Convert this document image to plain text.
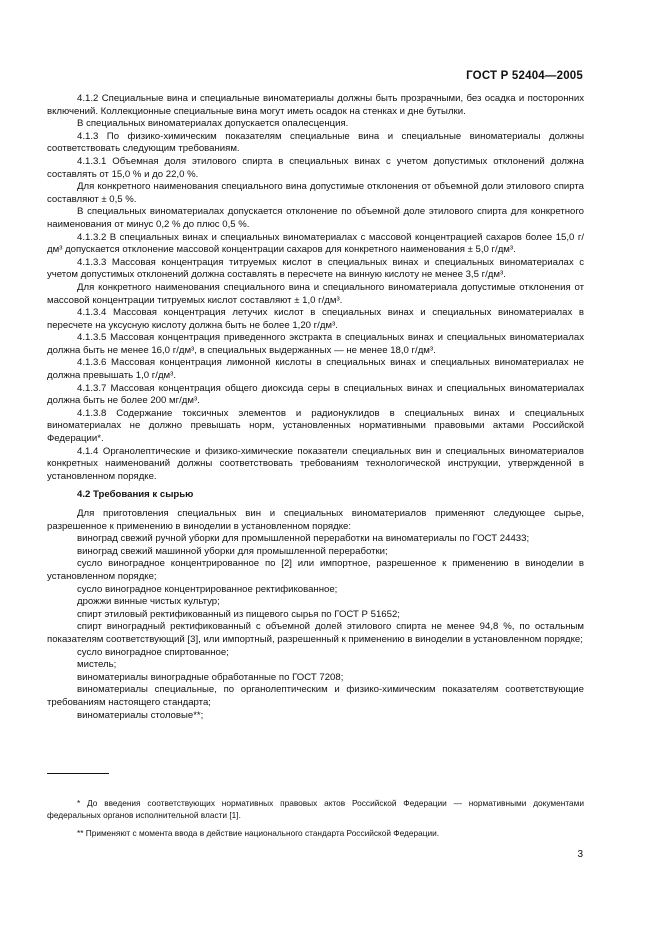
ГОСТ Р 52404—2005

4.1.2 Специальные вина и специальные виноматериалы должны быть прозрачными, без осадка и посторонних включений. Коллекционные специальные вина могут иметь осадок на стенках и дне бутылки.

В специальных виноматериалах допускается опалесценция.

4.1.3 По физико-химическим показателям специальные вина и специальные виноматериалы должны соответствовать следующим требованиям.

4.1.3.1 Объемная доля этилового спирта в специальных винах с учетом допустимых отклонений должна составлять от 15,0 % и до 22,0 %.

Для конкретного наименования специального вина допустимые отклонения от объемной доли этилового спирта составляют ± 0,5 %.

В специальных виноматериалах допускается отклонение по объемной доле этилового спирта для конкретного наименования от минус 0,2 % до плюс 0,5 %.

4.1.3.2 В специальных винах и специальных виноматериалах с массовой концентрацией сахаров более 15,0 г/дм³ допускается отклонение массовой концентрации сахаров для конкретного наименования ± 5,0 г/дм³.

4.1.3.3 Массовая концентрация титруемых кислот в специальных винах и специальных виноматериалах с учетом допустимых отклонений должна составлять в пересчете на винную кислоту не менее 3,5 г/дм³.

Для конкретного наименования специального вина и специального виноматериала допустимые отклонения от массовой концентрации титруемых кислот составляют ± 1,0 г/дм³.

4.1.3.4 Массовая концентрация летучих кислот в специальных винах и специальных виноматериалах в пересчете на уксусную кислоту должна быть не более 1,20 г/дм³.

4.1.3.5 Массовая концентрация приведенного экстракта в специальных винах и специальных виноматериалах должна быть не менее 16,0 г/дм³, в специальных выдержанных — не менее 18,0 г/дм³.

4.1.3.6 Массовая концентрация лимонной кислоты в специальных винах и специальных виноматериалах не должна превышать 1,0 г/дм³.

4.1.3.7 Массовая концентрация общего диоксида серы в специальных винах и специальных виноматериалах должна быть не более 200 мг/дм³.

4.1.3.8 Содержание токсичных элементов и радионуклидов в специальных винах и специальных виноматериалах не должно превышать норм, установленных нормативными правовыми актами Российской Федерации*.

4.1.4 Органолептические и физико-химические показатели специальных вин и специальных виноматериалов конкретных наименований должны соответствовать требованиям технологической инструкции, утвержденной в установленном порядке.

4.2 Требования к сырью

Для приготовления специальных вин и специальных виноматериалов применяют следующее сырье, разрешенное к применению в виноделии в установленном порядке:

виноград свежий ручной уборки для промышленной переработки на виноматериалы по ГОСТ 24433;

виноград свежий машинной уборки для промышленной переработки;

сусло виноградное концентрированное по [2] или импортное, разрешенное к применению в виноделии в установленном порядке;

сусло виноградное концентрированное ректификованное;

дрожжи винные чистых культур;

спирт этиловый ректификованный из пищевого сырья по ГОСТ Р 51652;

спирт виноградный ректификованный с объемной долей этилового спирта не менее 94,8 %, по остальным показателям соответствующий [3], или импортный, разрешенный к применению в виноделии в установленном порядке;

сусло виноградное спиртованное;

мистель;

виноматериалы виноградные обработанные по ГОСТ 7208;

виноматериалы специальные, по органолептическим и физико-химическим показателям соответствующие требованиям настоящего стандарта;

виноматериалы столовые**;

* До введения соответствующих нормативных правовых актов Российской Федерации — нормативными документами федеральных органов исполнительной власти [1].

** Применяют с момента ввода в действие национального стандарта Российской Федерации.

3
